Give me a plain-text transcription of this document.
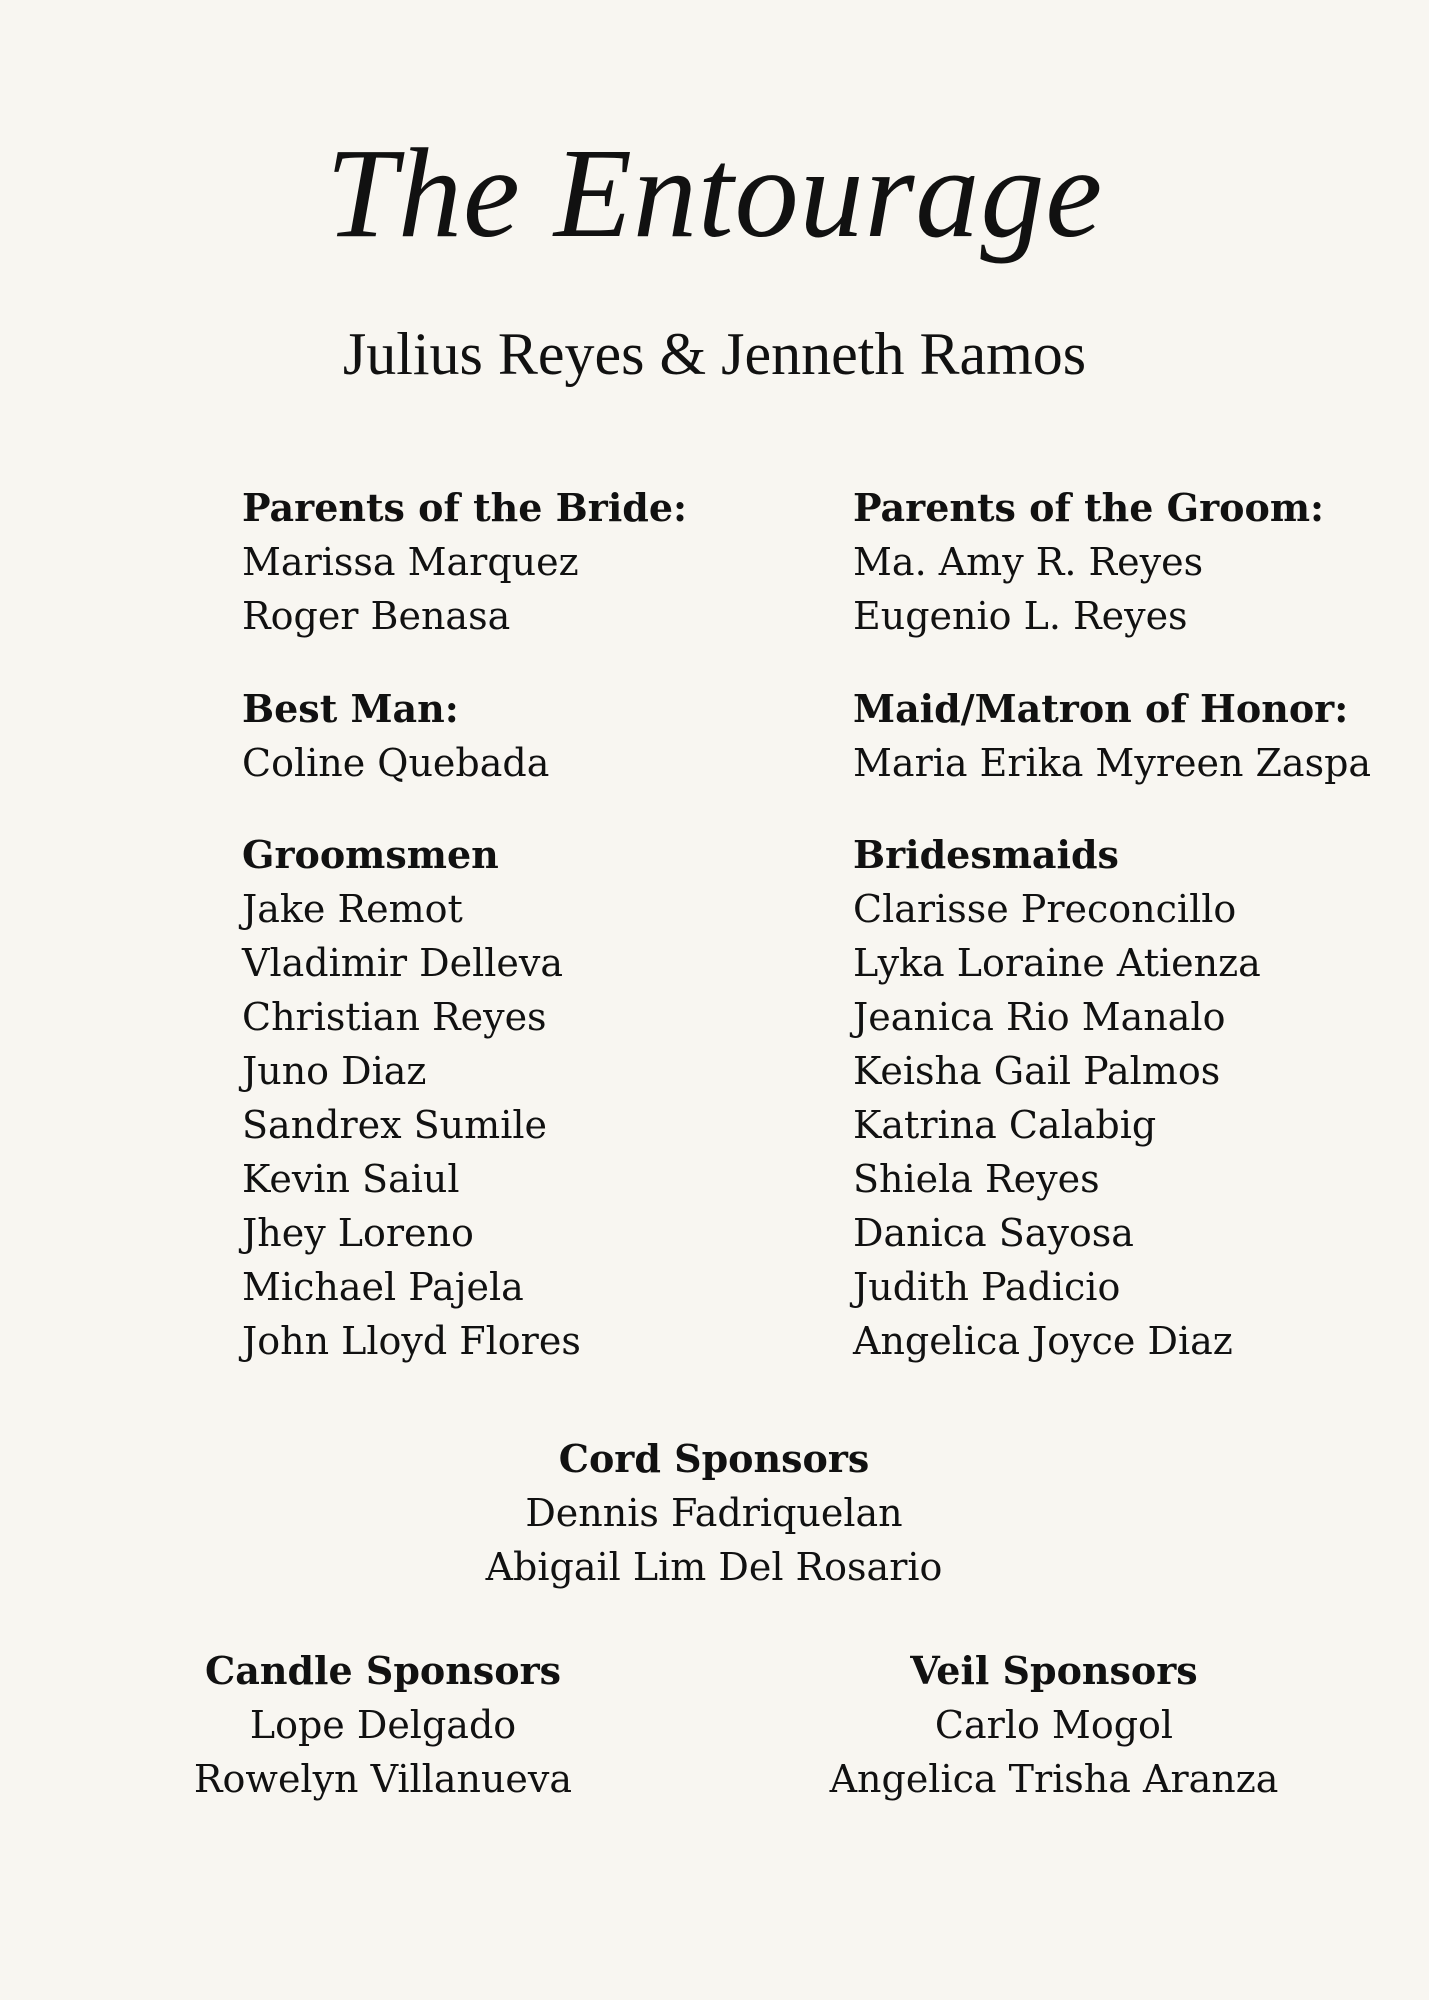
The Entourage
Julius Reyes & Jenneth Ramos
Parents of the Bride:
Marissa Marquez
Roger Benasa
Parents of the Groom:
Ma. Amy R. Reyes
Eugenio L. Reyes
Best Man:
Coline Quebada
Maid/Matron of Honor:
Maria Erika Myreen Zaspa
Groomsmen
Jake Remot
Vladimir Delleva
Christian Reyes
Juno Diaz
Sandrex Sumile
Kevin Saiul
Jhey Loreno
Michael Pajela
John Lloyd Flores
Bridesmaids
Clarisse Preconcillo
Lyka Loraine Atienza
Jeanica Rio Manalo
Keisha Gail Palmos
Katrina Calabig
Shiela Reyes
Danica Sayosa
Judith Padicio
Angelica Joyce Diaz
Cord Sponsors
Dennis Fadriquelan
Abigail Lim Del Rosario
Candle Sponsors
Lope Delgado
Rowelyn Villanueva
Veil Sponsors
Carlo Mogol
Angelica Trisha Aranza
